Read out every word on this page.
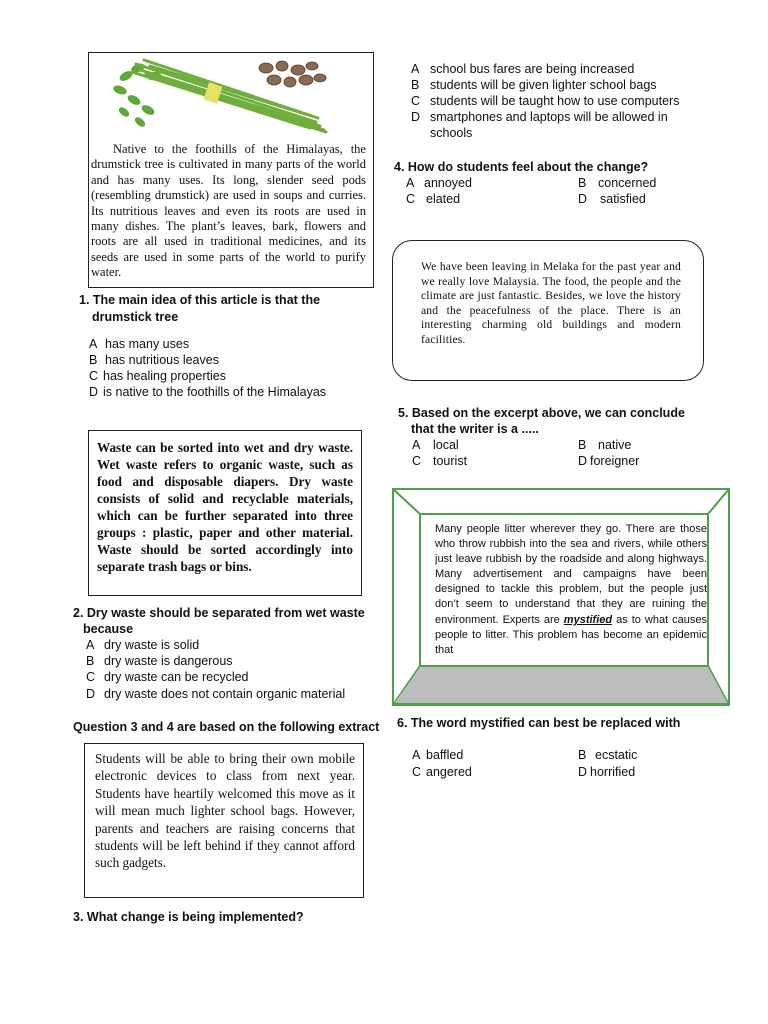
Native to the foothills of the Himalayas, the drumstick tree is cultivated in many parts of the world and has many uses. Its long, slender seed pods (resembling drumstick) are used in soups and curries. Its nutritious leaves and even its roots are used in many dishes. The plant’s leaves, bark, flowers and roots are all used in traditional medicines, and its seeds are used in some parts of the world to purify water.
1. The main idea of this article is that the
drumstick tree
A has many uses
B has nutritious leaves
C has healing properties
D is native to the foothills of the Himalayas
Waste can be sorted into wet and dry waste. Wet waste refers to organic waste, such as food and disposable diapers. Dry waste consists of solid and recyclable materials, which can be further separated into three groups : plastic, paper and other material. Waste should be sorted accordingly into separate trash bags or bins.
2. Dry waste should be separated from wet waste
because
A dry waste is solid
B dry waste is dangerous
C dry waste can be recycled
D dry waste does not contain organic material
Question 3 and 4 are based on the following extract
Students will be able to bring their own mobile electronic devices to class from next year. Students have heartily welcomed this move as it will mean much lighter school bags. However, parents and teachers are raising concerns that students will be left behind if they cannot afford such gadgets.
3. What change is being implemented?
A school bus fares are being increased
B students will be given lighter school bags
C students will be taught how to use computers
D smartphones and laptops will be allowed in
schools
4. How do students feel about the change?
A annoyed	B concerned
C elated	D satisfied
We have been leaving in Melaka for the past year and we really love Malaysia. The food, the people and the climate are just fantastic. Besides, we love the history and the peacefulness of the place. There is an interesting charming old buildings and modern facilities.
5. Based on the excerpt above, we can conclude
that the writer is a .....
A local	B native
C tourist	D foreigner
Many people litter wherever they go. There are those who throw rubbish into the sea and rivers, while others just leave rubbish by the roadside and along highways. Many advertisement and campaigns have been designed to tackle this problem, but the people just don’t seem to understand that they are ruining the environment. Experts are mystified as to what causes people to litter. This problem has become an epidemic that
6. The word mystified can best be replaced with
A baffled	B ecstatic
C angered	D horrified
